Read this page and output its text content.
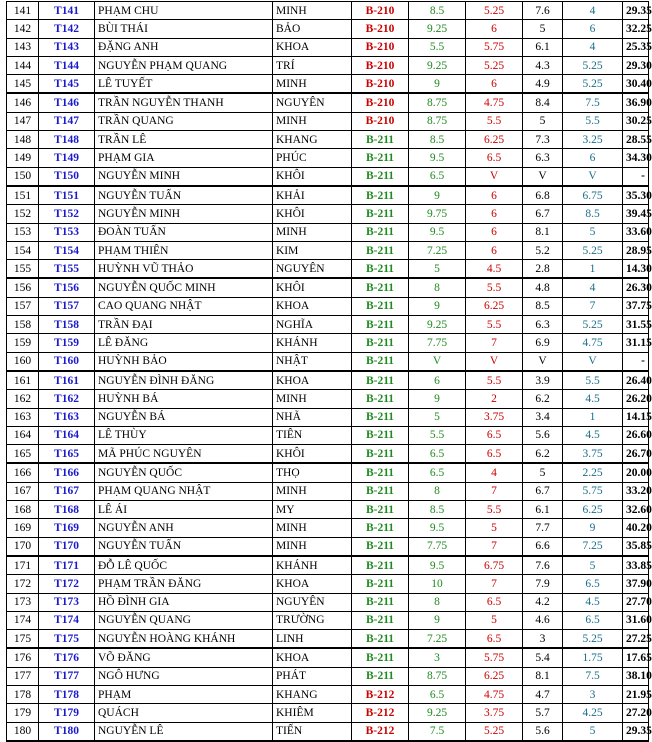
141	T141	PHẠM CHU	MINH	B-210	8.5	5.25	7.6	4	29.35
142	T142	BÙI THÁI	BẢO	B-210	9.25	6	5	6	32.25
143	T143	ĐẶNG ANH	KHOA	B-210	5.5	5.75	6.1	4	25.35
144	T144	NGUYỄN PHẠM QUANG	TRÍ	B-210	9.25	5.25	4.3	5.25	29.30
145	T145	LÊ TUYẾT	MINH	B-210	9	6	4.9	5.25	30.40
146	T146	TRẦN NGUYỄN THANH	NGUYÊN	B-210	8.75	4.75	8.4	7.5	36.90
147	T147	TRẦN QUANG	MINH	B-210	8.75	5.5	5	5.5	30.25
148	T148	TRẦN LÊ	KHANG	B-211	8.5	6.25	7.3	3.25	28.55
149	T149	PHẠM GIA	PHÚC	B-211	9.5	6.5	6.3	6	34.30
150	T150	NGUYỄN MINH	KHÔI	B-211	6.5	V	V	V	-
151	T151	NGUYỄN TUẤN	KHẢI	B-211	9	6	6.8	6.75	35.30
152	T152	NGUYỄN MINH	KHÔI	B-211	9.75	6	6.7	8.5	39.45
153	T153	ĐOÀN TUẤN	MINH	B-211	9.5	6	8.1	5	33.60
154	T154	PHẠM THIÊN	KIM	B-211	7.25	6	5.2	5.25	28.95
155	T155	HUỲNH VŨ THẢO	NGUYÊN	B-211	5	4.5	2.8	1	14.30
156	T156	NGUYỄN QUỐC MINH	KHÔI	B-211	8	5.5	4.8	4	26.30
157	T157	CAO QUANG NHẬT	KHOA	B-211	9	6.25	8.5	7	37.75
158	T158	TRẦN ĐẠI	NGHĨA	B-211	9.25	5.5	6.3	5.25	31.55
159	T159	LÊ ĐĂNG	KHÁNH	B-211	7.75	7	6.9	4.75	31.15
160	T160	HUỲNH BẢO	NHẬT	B-211	V	V	V	V	-
161	T161	NGUYỄN ĐÌNH ĐĂNG	KHOA	B-211	6	5.5	3.9	5.5	26.40
162	T162	HUỲNH BÁ	MINH	B-211	9	2	6.2	4.5	26.20
163	T163	NGUYỄN BÁ	NHÃ	B-211	5	3.75	3.4	1	14.15
164	T164	LÊ THÙY	TIÊN	B-211	5.5	6.5	5.6	4.5	26.60
165	T165	MÃ PHÚC NGUYÊN	KHÔI	B-211	6.5	6.5	6.2	3.75	26.70
166	T166	NGUYỄN QUỐC	THỌ	B-211	6.5	4	5	2.25	20.00
167	T167	PHẠM QUANG NHẬT	MINH	B-211	8	7	6.7	5.75	33.20
168	T168	LÊ ÁI	MY	B-211	8.5	5.5	6.1	6.25	32.60
169	T169	NGUYỄN ANH	MINH	B-211	9.5	5	7.7	9	40.20
170	T170	NGUYỄN TUẤN	MINH	B-211	7.75	7	6.6	7.25	35.85
171	T171	ĐỖ LÊ QUỐC	KHÁNH	B-211	9.5	6.75	7.6	5	33.85
172	T172	PHẠM TRẦN ĐĂNG	KHOA	B-211	10	7	7.9	6.5	37.90
173	T173	HỒ ĐÌNH GIA	NGUYÊN	B-211	8	6.5	4.2	4.5	27.70
174	T174	NGUYỄN QUANG	TRƯỜNG	B-211	9	5	4.6	6.5	31.60
175	T175	NGUYỄN HOÀNG KHÁNH	LINH	B-211	7.25	6.5	3	5.25	27.25
176	T176	VÕ ĐĂNG	KHOA	B-211	3	5.75	5.4	1.75	17.65
177	T177	NGÔ HƯNG	PHÁT	B-211	8.75	6.25	8.1	7.5	38.10
178	T178	PHẠM	KHANG	B-212	6.5	4.75	4.7	3	21.95
179	T179	QUÁCH	KHIÊM	B-212	9.25	3.75	5.7	4.25	27.20
180	T180	NGUYỄN LÊ	TIẾN	B-212	7.5	5.25	5.6	5	29.35
